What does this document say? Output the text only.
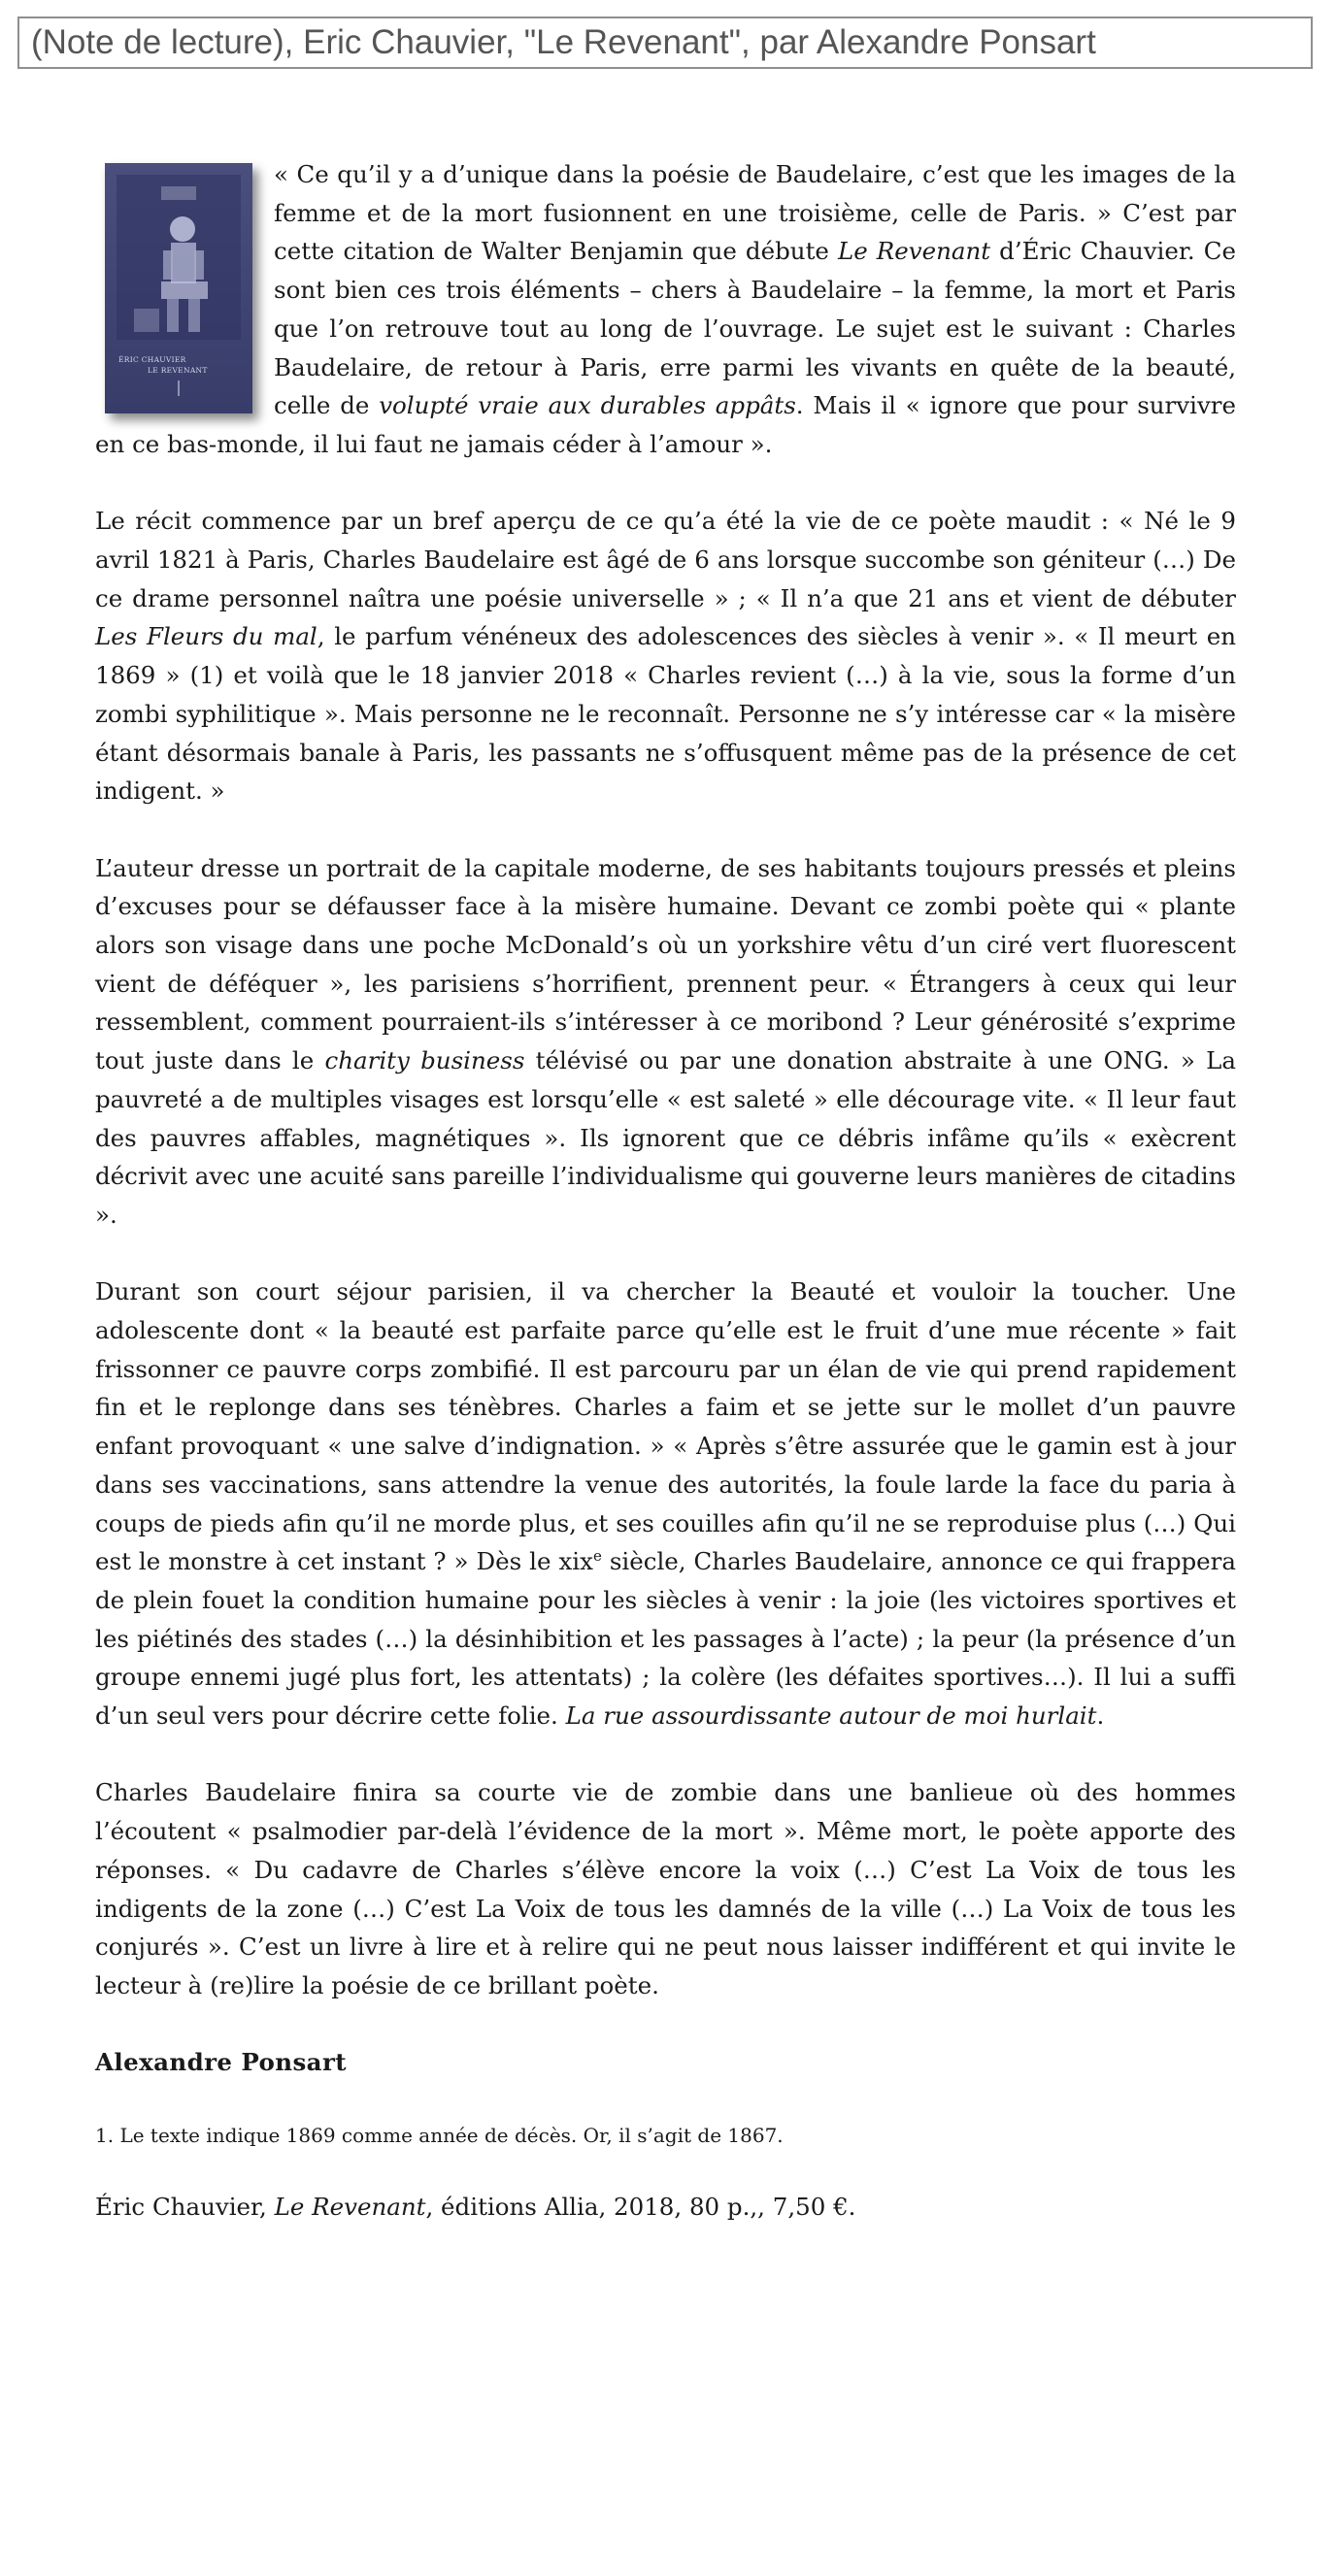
(Note de lecture), Eric Chauvier, "Le Revenant", par Alexandre Ponsart
ÉRIC CHAUVIER
LE REVENANT

« Ce qu’il y a d’unique dans la poésie de Baudelaire, c’est que les images de la femme et de la mort fusionnent en une troisième, celle de Paris. » C’est par cette citation de Walter Benjamin que débute Le Revenant d’Éric Chauvier. Ce sont bien ces trois éléments – chers à Baudelaire – la femme, la mort et Paris que l’on retrouve tout au long de l’ouvrage. Le sujet est le suivant : Charles Baudelaire, de retour à Paris, erre parmi les vivants en quête de la beauté, celle de volupté vraie aux durables appâts. Mais il « ignore que pour survivre en ce bas-monde, il lui faut ne jamais céder à l’amour ».

Le récit commence par un bref aperçu de ce qu’a été la vie de ce poète maudit : « Né le 9 avril 1821 à Paris, Charles Baudelaire est âgé de 6 ans lorsque succombe son géniteur (…) De ce drame personnel naîtra une poésie universelle » ; « Il n’a que 21 ans et vient de débuter Les Fleurs du mal, le parfum vénéneux des adolescences des siècles à venir ». « Il meurt en 1869 » (1) et voilà que le 18 janvier 2018 « Charles revient (…) à la vie, sous la forme d’un zombi syphilitique ». Mais personne ne le reconnaît. Personne ne s’y intéresse car « la misère étant désormais banale à Paris, les passants ne s’offusquent même pas de la présence de cet indigent. »

L’auteur dresse un portrait de la capitale moderne, de ses habitants toujours pressés et pleins d’excuses pour se défausser face à la misère humaine. Devant ce zombi poète qui « plante alors son visage dans une poche McDonald’s où un yorkshire vêtu d’un ciré vert fluorescent vient de déféquer », les parisiens s’horrifient, prennent peur. « Étrangers à ceux qui leur ressemblent, comment pourraient-ils s’intéresser à ce moribond ? Leur générosité s’exprime tout juste dans le charity business télévisé ou par une donation abstraite à une ONG. » La pauvreté a de multiples visages est lorsqu’elle « est saleté » elle décourage vite. « Il leur faut des pauvres affables, magnétiques ». Ils ignorent que ce débris infâme qu’ils « exècrent décrivit avec une acuité sans pareille l’individualisme qui gouverne leurs manières de citadins ».

Durant son court séjour parisien, il va chercher la Beauté et vouloir la toucher. Une adolescente dont « la beauté est parfaite parce qu’elle est le fruit d’une mue récente » fait frissonner ce pauvre corps zombifié. Il est parcouru par un élan de vie qui prend rapidement fin et le replonge dans ses ténèbres. Charles a faim et se jette sur le mollet d’un pauvre enfant provoquant « une salve d’indignation. » « Après s’être assurée que le gamin est à jour dans ses vaccinations, sans attendre la venue des autorités, la foule larde la face du paria à coups de pieds afin qu’il ne morde plus, et ses couilles afin qu’il ne se reproduise plus (…) Qui est le monstre à cet instant ? » Dès le xix$^e$ siècle, Charles Baudelaire, annonce ce qui frappera de plein fouet la condition humaine pour les siècles à venir : la joie (les victoires sportives et les piétinés des stades (…) la désinhibition et les passages à l’acte) ; la peur (la présence d’un groupe ennemi jugé plus fort, les attentats) ; la colère (les défaites sportives…). Il lui a suffi d’un seul vers pour décrire cette folie. La rue assourdissante autour de moi hurlait.

Charles Baudelaire finira sa courte vie de zombie dans une banlieue où des hommes l’écoutent « psalmodier par-delà l’évidence de la mort ». Même mort, le poète apporte des réponses. « Du cadavre de Charles s’élève encore la voix (…) C’est La Voix de tous les indigents de la zone (…) C’est La Voix de tous les damnés de la ville (…) La Voix de tous les conjurés ». C’est un livre à lire et à relire qui ne peut nous laisser indifférent et qui invite le lecteur à (re)lire la poésie de ce brillant poète.

Alexandre Ponsart

1. Le texte indique 1869 comme année de décès. Or, il s’agit de 1867.

Éric Chauvier, Le Revenant, éditions Allia, 2018, 80 p.,, 7,50 €.
